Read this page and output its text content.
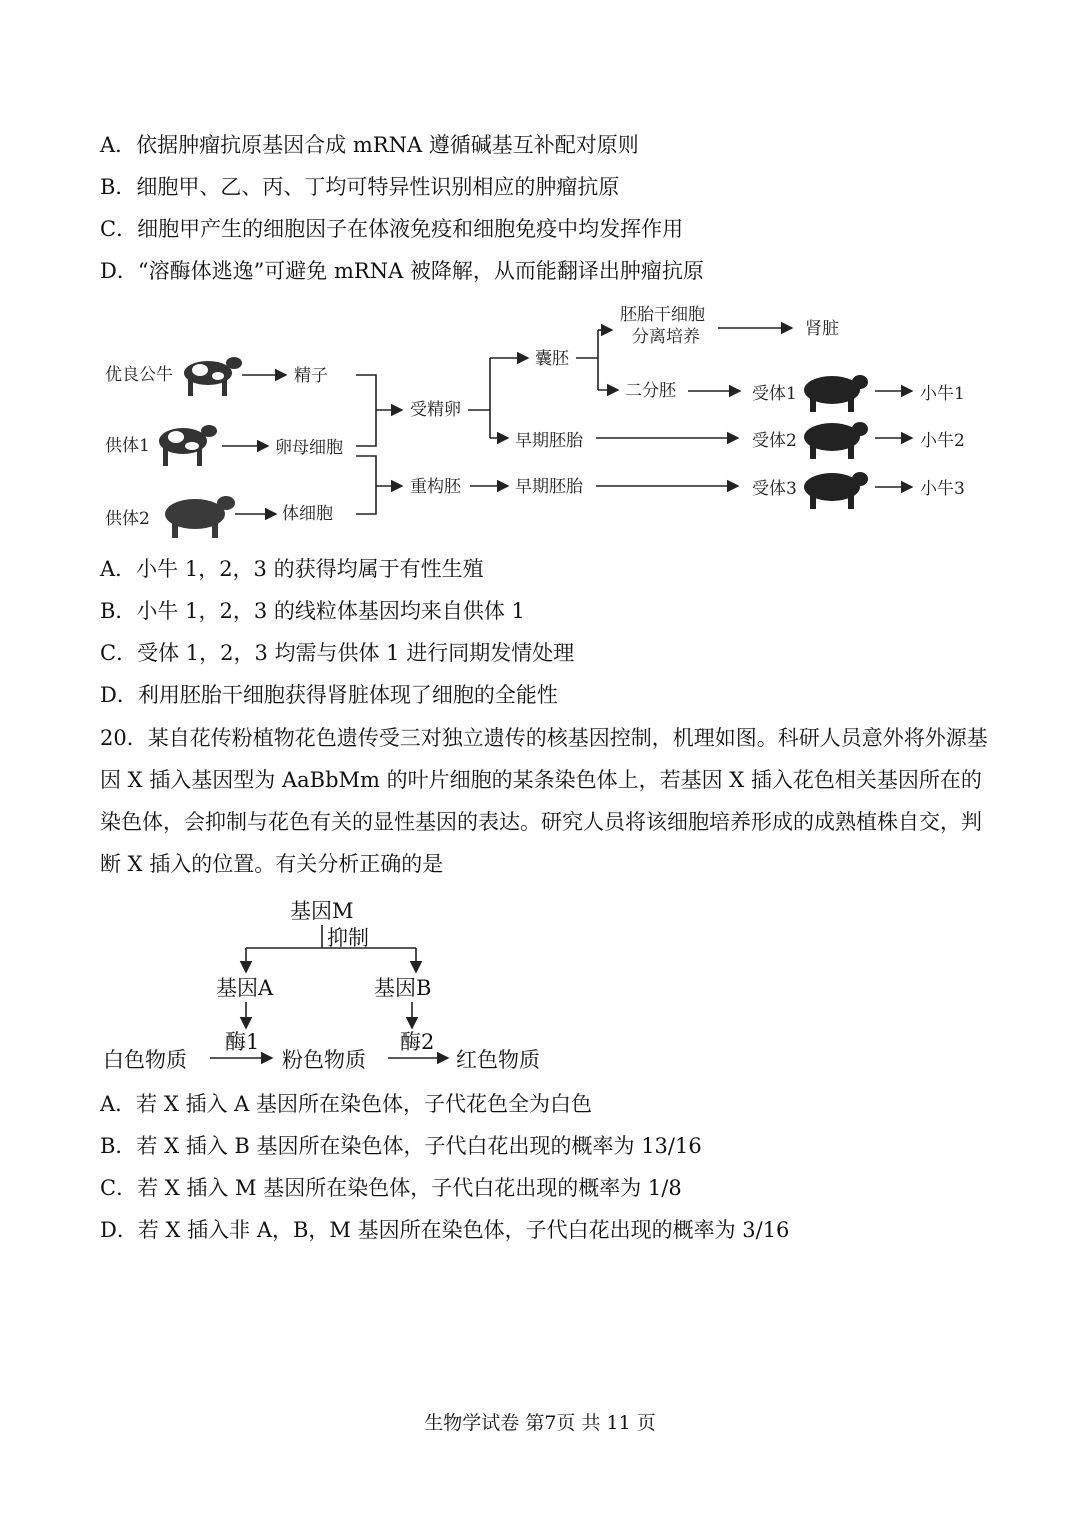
A．依据肿瘤抗原基因合成 mRNA 遵循碱基互补配对原则
B．细胞甲、乙、丙、丁均可特异性识别相应的肿瘤抗原
C．细胞甲产生的细胞因子在体液免疫和细胞免疫中均发挥作用
D．“溶酶体逃逸”可避免 mRNA 被降解，从而能翻译出肿瘤抗原
优良公牛
供体1
供体2
精子
卵母细胞
体细胞
受精卵
重构胚
囊胚
胚胎干细胞
分离培养	肾脏
二分胚
早期胚胎
早期胚胎
受体1
受体2
受体3
小牛1
小牛2
小牛3
A．小牛 1，2，3 的获得均属于有性生殖
B．小牛 1，2，3 的线粒体基因均来自供体 1
C．受体 1，2，3 均需与供体 1 进行同期发情处理
D．利用胚胎干细胞获得肾脏体现了细胞的全能性
20．某自花传粉植物花色遗传受三对独立遗传的核基因控制，机理如图。科研人员意外将外源基因 X 插入基因型为 AaBbMm 的叶片细胞的某条染色体上，若基因 X 插入花色相关基因所在的染色体，会抑制与花色有关的显性基因的表达。研究人员将该细胞培养形成的成熟植株自交，判断 X 插入的位置。有关分析正确的是
基因M
抑制
基因A	基因B
酶1	酶2
白色物质	粉色物质	红色物质
A．若 X 插入 A 基因所在染色体，子代花色全为白色
B．若 X 插入 B 基因所在染色体，子代白花出现的概率为 13/16
C．若 X 插入 M 基因所在染色体，子代白花出现的概率为 1/8
D．若 X 插入非 A，B，M 基因所在染色体，子代白花出现的概率为 3/16
生物学试卷 第7页 共 11 页
